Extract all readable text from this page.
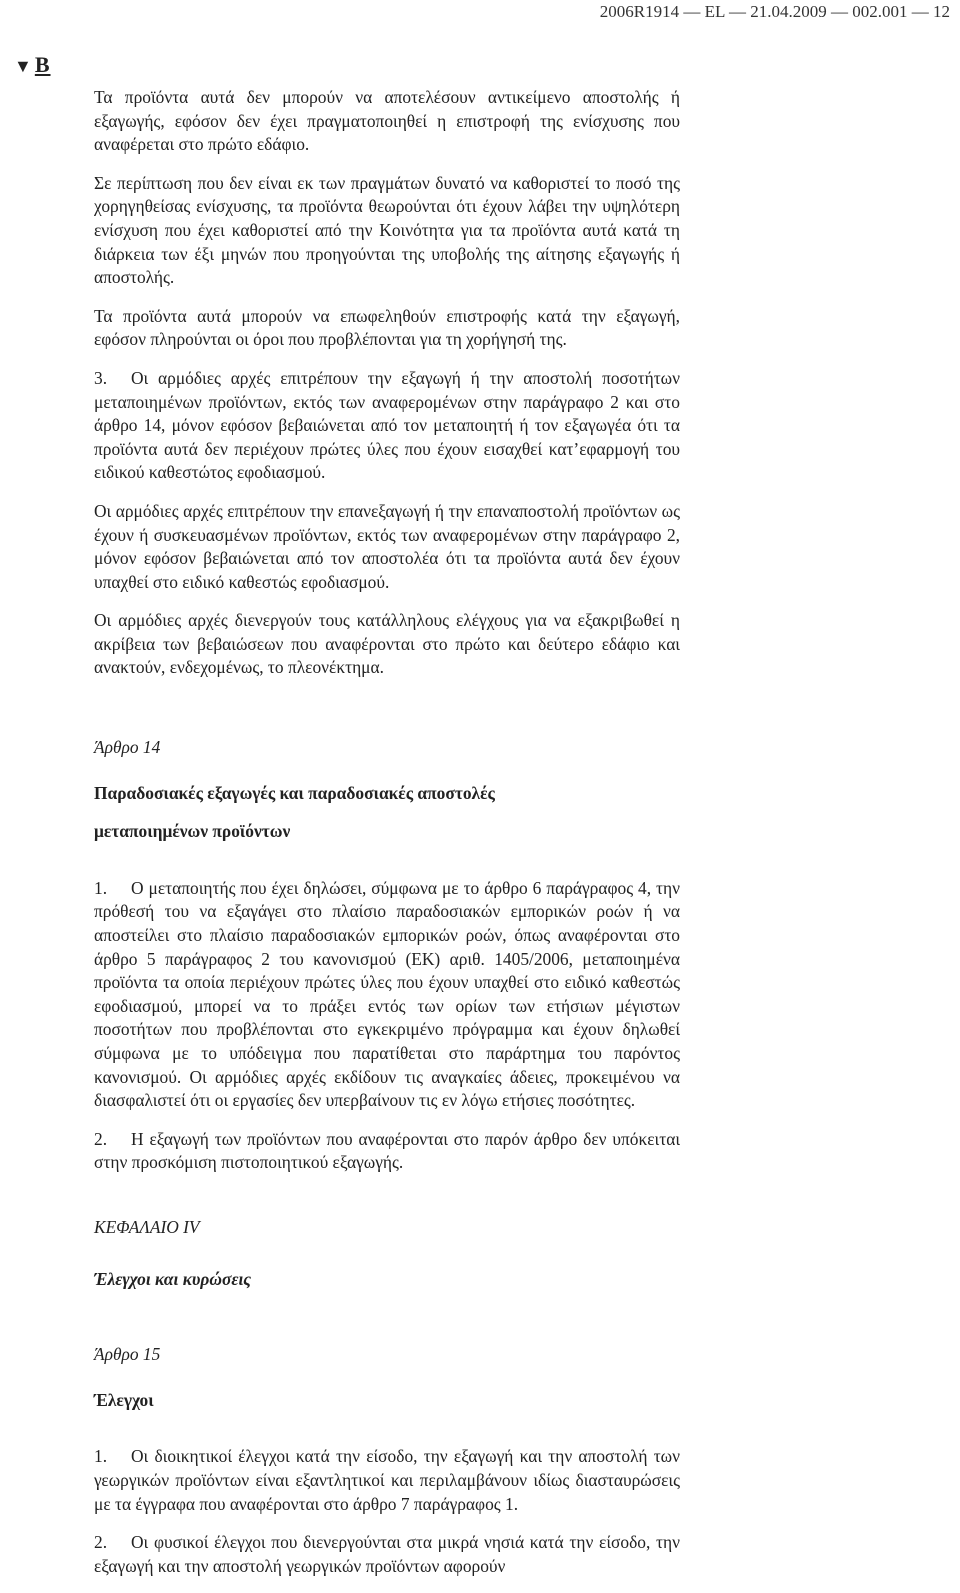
2006R1914 — EL — 21.04.2009 — 002.001 — 12
▼B

Τα προϊόντα αυτά δεν μπορούν να αποτελέσουν αντικείμενο αποστολής ή εξαγωγής, εφόσον δεν έχει πραγματοποιηθεί η επιστροφή της ενίσχυσης που αναφέρεται στο πρώτο εδάφιο.

Σε περίπτωση που δεν είναι εκ των πραγμάτων δυνατό να καθοριστεί το ποσό της χορηγηθείσας ενίσχυσης, τα προϊόντα θεωρούνται ότι έχουν λάβει την υψηλότερη ενίσχυση που έχει καθοριστεί από την Κοινότητα για τα προϊόντα αυτά κατά τη διάρκεια των έξι μηνών που προηγούνται της υποβολής της αίτησης εξαγωγής ή αποστολής.

Τα προϊόντα αυτά μπορούν να επωφεληθούν επιστροφής κατά την εξαγωγή, εφόσον πληρούνται οι όροι που προβλέπονται για τη χορήγησή της.

3. Οι αρμόδιες αρχές επιτρέπουν την εξαγωγή ή την αποστολή ποσοτήτων μεταποιημένων προϊόντων, εκτός των αναφερομένων στην παράγραφο 2 και στο άρθρο 14, μόνον εφόσον βεβαιώνεται από τον μεταποιητή ή τον εξαγωγέα ότι τα προϊόντα αυτά δεν περιέχουν πρώτες ύλες που έχουν εισαχθεί κατ’εφαρμογή του ειδικού καθεστώτος εφοδιασμού.

Οι αρμόδιες αρχές επιτρέπουν την επανεξαγωγή ή την επαναποστολή προϊόντων ως έχουν ή συσκευασμένων προϊόντων, εκτός των αναφερομένων στην παράγραφο 2, μόνον εφόσον βεβαιώνεται από τον αποστολέα ότι τα προϊόντα αυτά δεν έχουν υπαχθεί στο ειδικό καθεστώς εφοδιασμού.

Οι αρμόδιες αρχές διενεργούν τους κατάλληλους ελέγχους για να εξακριβωθεί η ακρίβεια των βεβαιώσεων που αναφέρονται στο πρώτο και δεύτερο εδάφιο και ανακτούν, ενδεχομένως, το πλεονέκτημα.

Άρθρο 14

Παραδοσιακές εξαγωγές και παραδοσιακές αποστολές

μεταποιημένων προϊόντων

1. Ο μεταποιητής που έχει δηλώσει, σύμφωνα με το άρθρο 6 παράγραφος 4, την πρόθεσή του να εξαγάγει στο πλαίσιο παραδοσιακών εμπορικών ροών ή να αποστείλει στο πλαίσιο παραδοσιακών εμπορικών ροών, όπως αναφέρονται στο άρθρο 5 παράγραφος 2 του κανονισμού (ΕΚ) αριθ. 1405/2006, μεταποιημένα προϊόντα τα οποία περιέχουν πρώτες ύλες που έχουν υπαχθεί στο ειδικό καθεστώς εφοδιασμού, μπορεί να το πράξει εντός των ορίων των ετήσιων μέγιστων ποσοτήτων που προβλέπονται στο εγκεκριμένο πρόγραμμα και έχουν δηλωθεί σύμφωνα με το υπόδειγμα που παρατίθεται στο παράρτημα του παρόντος κανονισμού. Οι αρμόδιες αρχές εκδίδουν τις αναγκαίες άδειες, προκειμένου να διασφαλιστεί ότι οι εργασίες δεν υπερβαίνουν τις εν λόγω ετήσιες ποσότητες.

2. Η εξαγωγή των προϊόντων που αναφέρονται στο παρόν άρθρο δεν υπόκειται στην προσκόμιση πιστοποιητικού εξαγωγής.

ΚΕΦΑΛΑΙΟ IV

Έλεγχοι και κυρώσεις

Άρθρο 15

Έλεγχοι

1. Οι διοικητικοί έλεγχοι κατά την είσοδο, την εξαγωγή και την αποστολή των γεωργικών προϊόντων είναι εξαντλητικοί και περιλαμβάνουν ιδίως διασταυρώσεις με τα έγγραφα που αναφέρονται στο άρθρο 7 παράγραφος 1.

2. Οι φυσικοί έλεγχοι που διενεργούνται στα μικρά νησιά κατά την είσοδο, την εξαγωγή και την αποστολή γεωργικών προϊόντων αφορούν
